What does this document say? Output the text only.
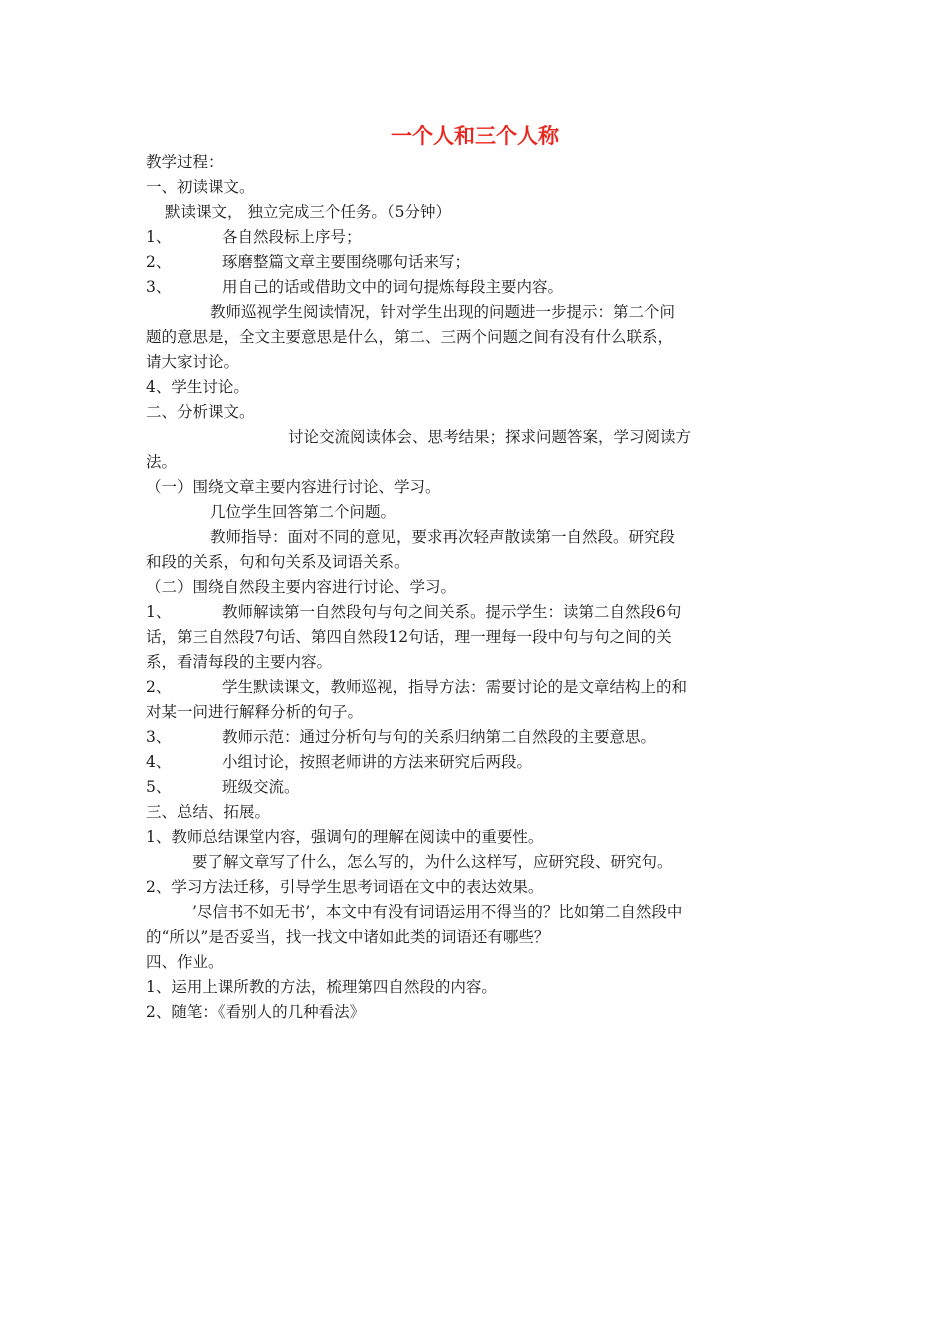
一个人和三个人称
教学过程：
一、初读课文。
默读课文， 独立完成三个任务。（5分钟）
1、	各自然段标上序号；
2、	琢磨整篇文章主要围绕哪句话来写；
3、	用自己的话或借助文中的词句提炼每段主要内容。
教师巡视学生阅读情况，针对学生出现的问题进一步提示：第二个问
题的意思是，全文主要意思是什么，第二、三两个问题之间有没有什么联系，
请大家讨论。
4、学生讨论。
二、分析课文。
讨论交流阅读体会、思考结果；探求问题答案，学习阅读方
法。
（一）围绕文章主要内容进行讨论、学习。
几位学生回答第二个问题。
教师指导：面对不同的意见，要求再次轻声散读第一自然段。研究段
和段的关系，句和句关系及词语关系。
（二）围绕自然段主要内容进行讨论、学习。
1、	教师解读第一自然段句与句之间关系。提示学生：读第二自然段6句
话，第三自然段7句话、第四自然段12句话，理一理每一段中句与句之间的关
系，看清每段的主要内容。
2、	学生默读课文，教师巡视，指导方法：需要讨论的是文章结构上的和
对某一问进行解释分析的句子。
3、	教师示范：通过分析句与句的关系归纳第二自然段的主要意思。
4、	小组讨论，按照老师讲的方法来研究后两段。
5、	班级交流。
三、总结、拓展。
1、教师总结课堂内容，强调句的理解在阅读中的重要性。
要了解文章写了什么，怎么写的，为什么这样写，应研究段、研究句。
2、学习方法迁移，引导学生思考词语在文中的表达效果。
’尽信书不如无书’，本文中有没有词语运用不得当的？比如第二自然段中
的“所以”是否妥当，找一找文中诸如此类的词语还有哪些？
四、作业。
1、运用上课所教的方法，梳理第四自然段的内容。
2、随笔：《看别人的几种看法》
